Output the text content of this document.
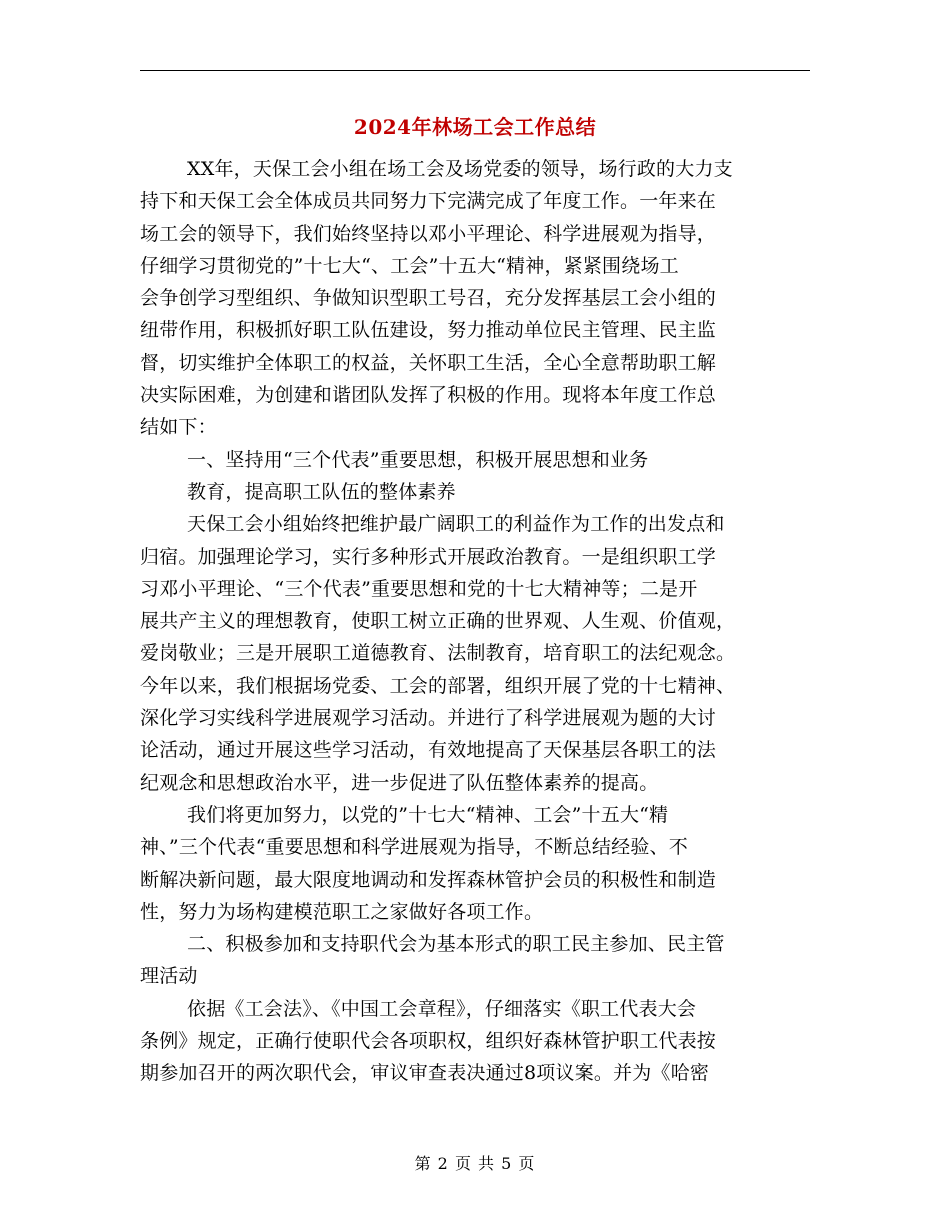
2024年林场工会工作总结
XX年，天保工会小组在场工会及场党委的领导，场行政的大力支
持下和天保工会全体成员共同努力下完满完成了年度工作。一年来在
场工会的领导下，我们始终坚持以邓小平理论、科学进展观为指导，
仔细学习贯彻党的”十七大“、工会”十五大“精神，紧紧围绕场工
会争创学习型组织、争做知识型职工号召，充分发挥基层工会小组的
纽带作用，积极抓好职工队伍建设，努力推动单位民主管理、民主监
督，切实维护全体职工的权益，关怀职工生活，全心全意帮助职工解
决实际困难，为创建和谐团队发挥了积极的作用。现将本年度工作总
结如下：
一、坚持用“三个代表”重要思想，积极开展思想和业务
教育，提高职工队伍的整体素养
天保工会小组始终把维护最广阔职工的利益作为工作的出发点和
归宿。加强理论学习，实行多种形式开展政治教育。一是组织职工学
习邓小平理论、“三个代表”重要思想和党的十七大精神等；二是开
展共产主义的理想教育，使职工树立正确的世界观、人生观、价值观，
爱岗敬业；三是开展职工道德教育、法制教育，培育职工的法纪观念。
今年以来，我们根据场党委、工会的部署，组织开展了党的十七精神、
深化学习实线科学进展观学习活动。并进行了科学进展观为题的大讨
论活动，通过开展这些学习活动，有效地提高了天保基层各职工的法
纪观念和思想政治水平，进一步促进了队伍整体素养的提高。
我们将更加努力，以党的”十七大“精神、工会”十五大“精
神、”三个代表“重要思想和科学进展观为指导，不断总结经验、不
断解决新问题，最大限度地调动和发挥森林管护会员的积极性和制造
性，努力为场构建模范职工之家做好各项工作。
二、积极参加和支持职代会为基本形式的职工民主参加、民主管
理活动
依据《工会法》、《中国工会章程》，仔细落实《职工代表大会
条例》规定，正确行使职代会各项职权，组织好森林管护职工代表按
期参加召开的两次职代会，审议审查表决通过8项议案。并为《哈密
第 2 页 共 5 页
